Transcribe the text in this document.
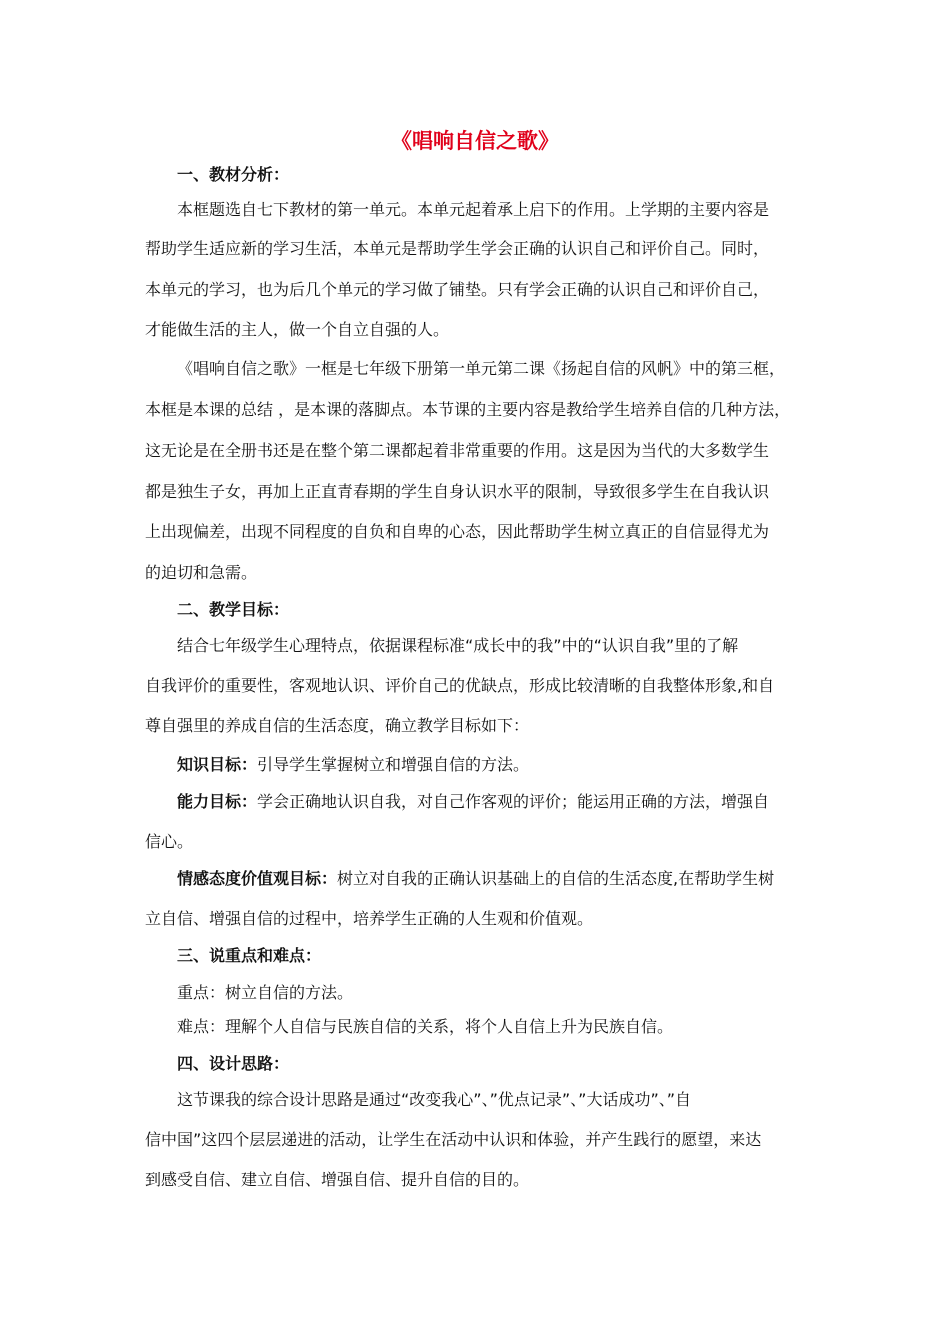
《唱响自信之歌》
一、教材分析：
本框题选自七下教材的第一单元。本单元起着承上启下的作用。上学期的主要内容是
帮助学生适应新的学习生活，本单元是帮助学生学会正确的认识自己和评价自己。同时，
本单元的学习，也为后几个单元的学习做了铺垫。只有学会正确的认识自己和评价自己，
才能做生活的主人，做一个自立自强的人。
《唱响自信之歌》一框是七年级下册第一单元第二课《扬起自信的风帆》中的第三框，
本框是本课的总结 ，是本课的落脚点。本节课的主要内容是教给学生培养自信的几种方法，
这无论是在全册书还是在整个第二课都起着非常重要的作用。这是因为当代的大多数学生
都是独生子女，再加上正直青春期的学生自身认识水平的限制，导致很多学生在自我认识
上出现偏差，出现不同程度的自负和自卑的心态，因此帮助学生树立真正的自信显得尤为
的迫切和急需。
二、教学目标：
结合七年级学生心理特点，依据课程标准“成长中的我”中的“认识自我”里的了解
自我评价的重要性，客观地认识、评价自己的优缺点，形成比较清晰的自我整体形象,和自
尊自强里的养成自信的生活态度，确立教学目标如下：
知识目标：引导学生掌握树立和增强自信的方法。
能力目标：学会正确地认识自我，对自己作客观的评价；能运用正确的方法，增强自
信心。
情感态度价值观目标：树立对自我的正确认识基础上的自信的生活态度,在帮助学生树
立自信、增强自信的过程中，培养学生正确的人生观和价值观。
三、说重点和难点：
重点：树立自信的方法。
难点：理解个人自信与民族自信的关系，将个人自信上升为民族自信。
四、设计思路：
这节课我的综合设计思路是通过“改变我心”、”优点记录”、”大话成功”、”自
信中国”这四个层层递进的活动，让学生在活动中认识和体验，并产生践行的愿望，来达
到感受自信、建立自信、增强自信、提升自信的目的。
